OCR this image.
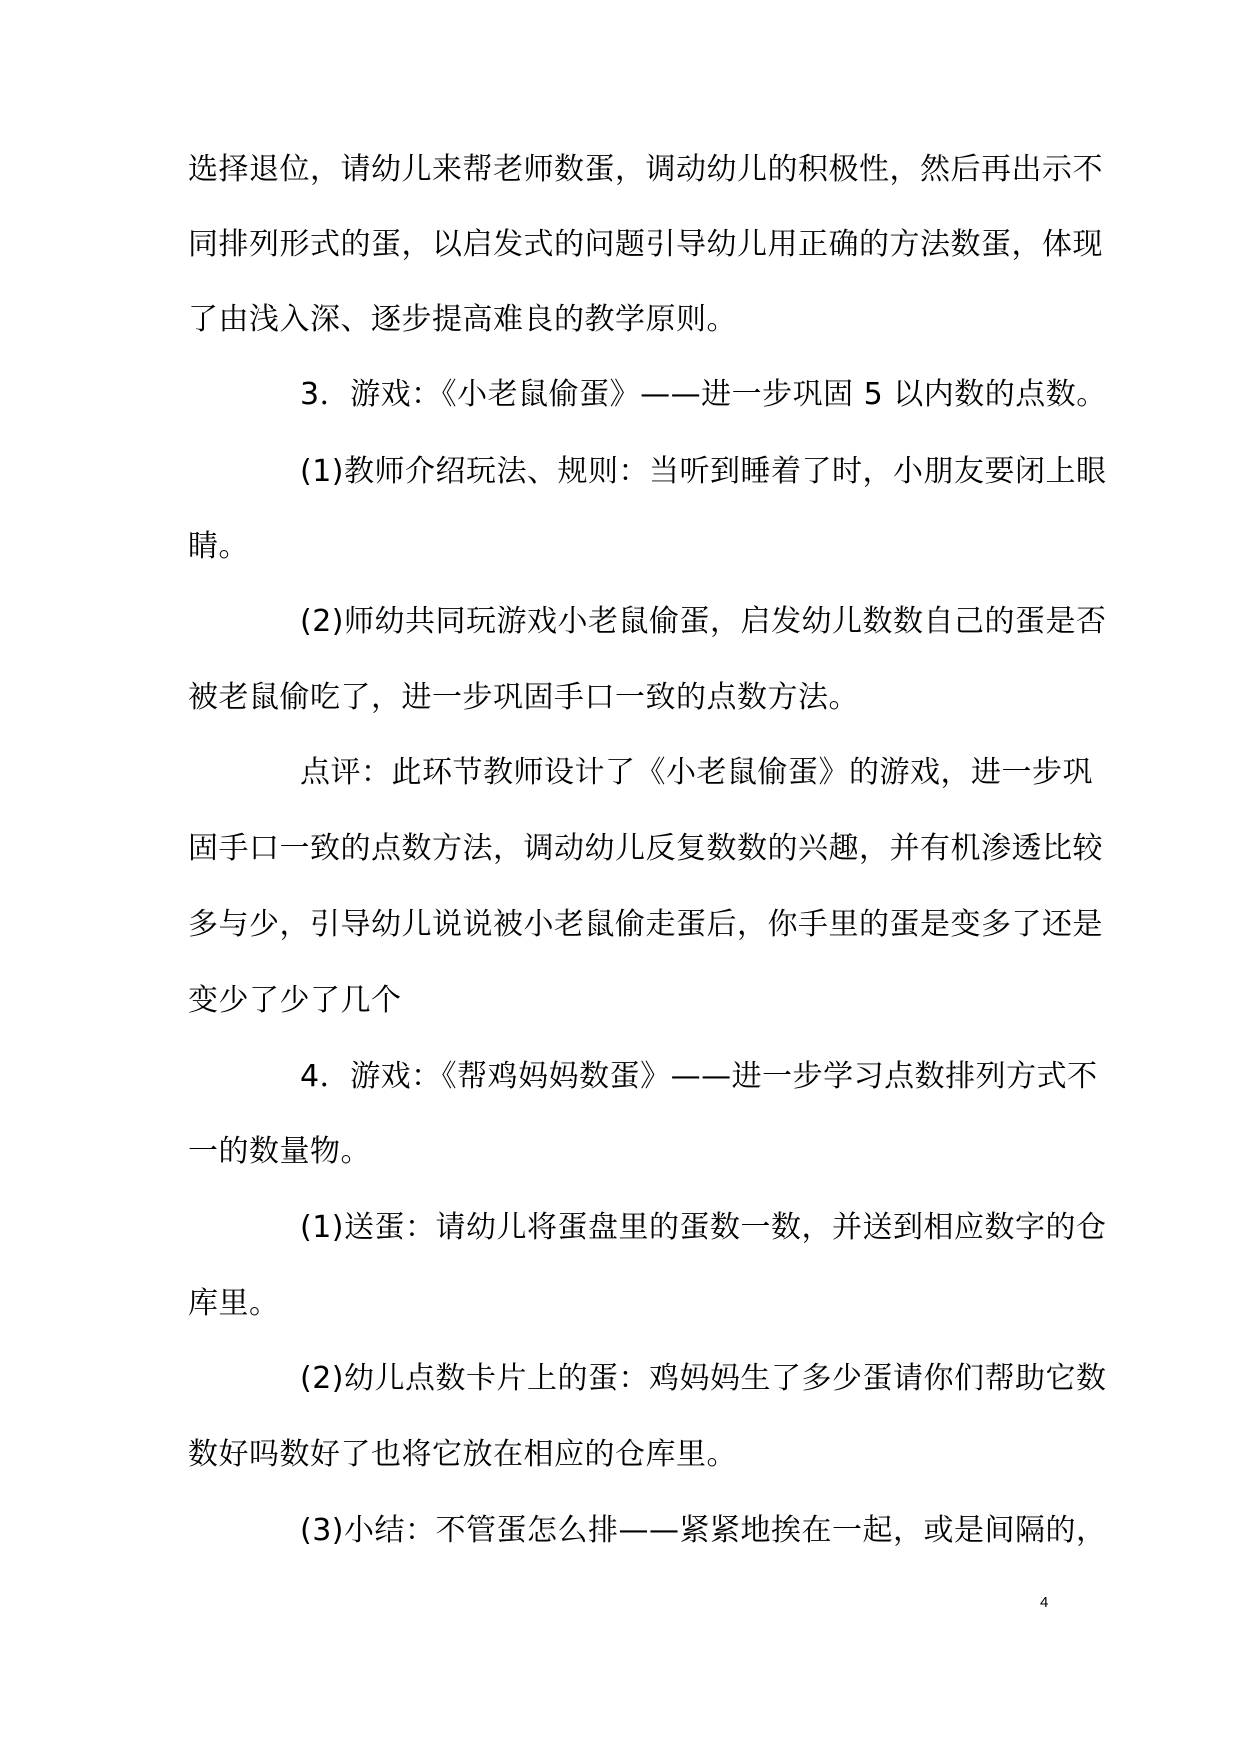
选择退位，请幼儿来帮老师数蛋，调动幼儿的积极性，然后再出示不
同排列形式的蛋，以启发式的问题引导幼儿用正确的方法数蛋，体现
了由浅入深、逐步提高难良的教学原则。
3．游戏：《小老鼠偷蛋》——进一步巩固 5 以内数的点数。
(1)教师介绍玩法、规则：当听到睡着了时，小朋友要闭上眼
睛。
(2)师幼共同玩游戏小老鼠偷蛋，启发幼儿数数自己的蛋是否
被老鼠偷吃了，进一步巩固手口一致的点数方法。
点评：此环节教师设计了《小老鼠偷蛋》的游戏，进一步巩
固手口一致的点数方法，调动幼儿反复数数的兴趣，并有机渗透比较
多与少，引导幼儿说说被小老鼠偷走蛋后，你手里的蛋是变多了还是
变少了少了几个
4．游戏：《帮鸡妈妈数蛋》——进一步学习点数排列方式不
一的数量物。
(1)送蛋：请幼儿将蛋盘里的蛋数一数，并送到相应数字的仓
库里。
(2)幼儿点数卡片上的蛋：鸡妈妈生了多少蛋请你们帮助它数
数好吗数好了也将它放在相应的仓库里。
(3)小结：不管蛋怎么排——紧紧地挨在一起，或是间隔的，
4
